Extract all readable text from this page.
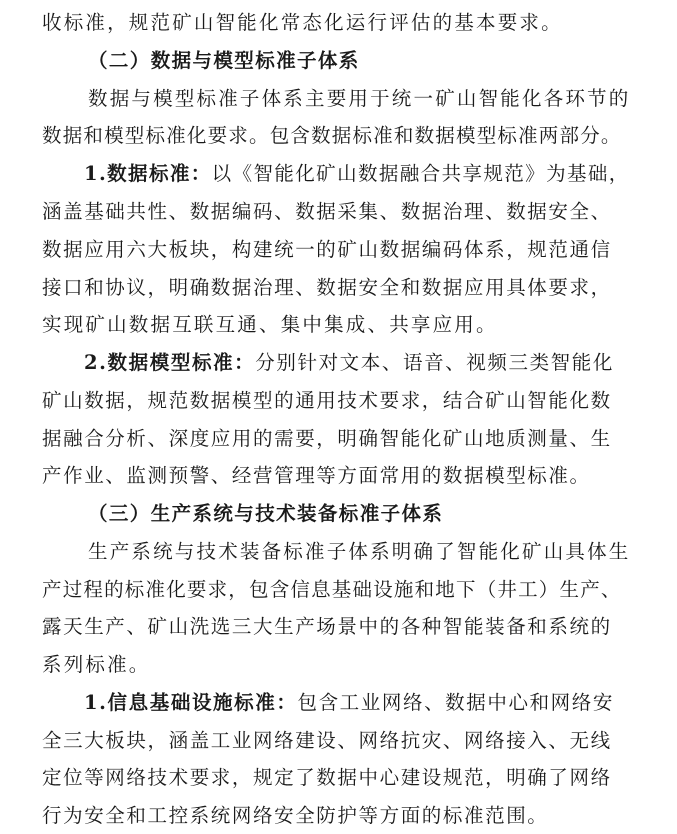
收标准，规范矿山智能化常态化运行评估的基本要求。
（二）数据与模型标准子体系
数据与模型标准子体系主要用于统一矿山智能化各环节的
数据和模型标准化要求。包含数据标准和数据模型标准两部分。
1.数据标准：以《智能化矿山数据融合共享规范》为基础，
涵盖基础共性、数据编码、数据采集、数据治理、数据安全、
数据应用六大板块，构建统一的矿山数据编码体系，规范通信
接口和协议，明确数据治理、数据安全和数据应用具体要求，
实现矿山数据互联互通、集中集成、共享应用。
2.数据模型标准：分别针对文本、语音、视频三类智能化
矿山数据，规范数据模型的通用技术要求，结合矿山智能化数
据融合分析、深度应用的需要，明确智能化矿山地质测量、生
产作业、监测预警、经营管理等方面常用的数据模型标准。
（三）生产系统与技术装备标准子体系
生产系统与技术装备标准子体系明确了智能化矿山具体生
产过程的标准化要求，包含信息基础设施和地下（井工）生产、
露天生产、矿山洗选三大生产场景中的各种智能装备和系统的
系列标准。
1.信息基础设施标准：包含工业网络、数据中心和网络安
全三大板块，涵盖工业网络建设、网络抗灾、网络接入、无线
定位等网络技术要求，规定了数据中心建设规范，明确了网络
行为安全和工控系统网络安全防护等方面的标准范围。
